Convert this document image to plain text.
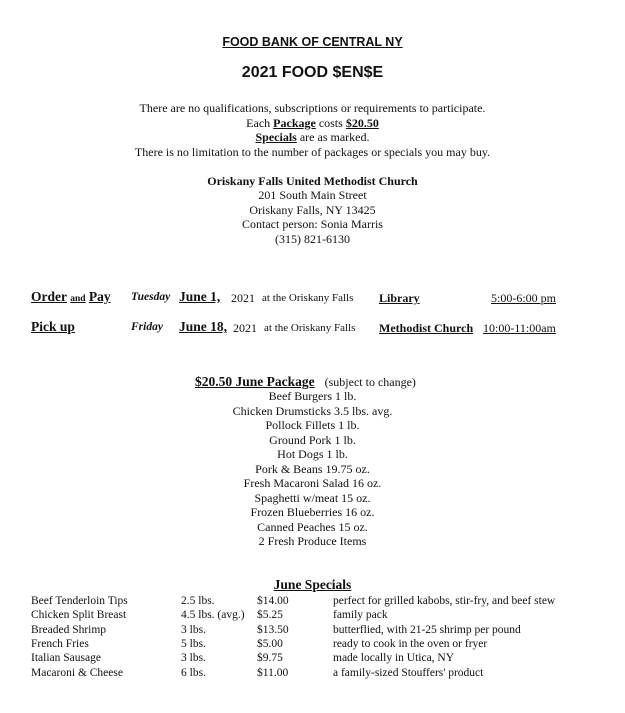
FOOD BANK OF CENTRAL NY
2021 FOOD $EN$E
There are no qualifications, subscriptions or requirements to participate.
Each Package costs $20.50
Specials are as marked.
There is no limitation to the number of packages or specials you may buy.
Oriskany Falls United Methodist Church
201 South Main Street
Oriskany Falls, NY 13425
Contact person: Sonia Marris
(315) 821-6130
Order and Pay Tuesday June 1, 2021 at the Oriskany Falls Library	5:00-6:00 pm
Pick up	Friday June 18, 2021 at the Oriskany Falls Methodist Church 10:00-11:00am
$20.50 June Package (subject to change)
Beef Burgers 1 lb.
Chicken Drumsticks 3.5 lbs. avg.
Pollock Fillets 1 lb.
Ground Pork 1 lb.
Hot Dogs 1 lb.
Pork & Beans 19.75 oz.
Fresh Macaroni Salad 16 oz.
Spaghetti w/meat 15 oz.
Frozen Blueberries 16 oz.
Canned Peaches 15 oz.
2 Fresh Produce Items
June Specials
Beef Tenderloin Tips	2.5 lbs.	$14.00	perfect for grilled kabobs, stir-fry, and beef stew
Chicken Split Breast	4.5 lbs. (avg.) $5.25	family pack
Breaded Shrimp	3 lbs.	$13.50	butterflied, with 21-25 shrimp per pound
French Fries	5 lbs.	$5.00	ready to cook in the oven or fryer
Italian Sausage	3 lbs.	$9.75	made locally in Utica, NY
Macaroni & Cheese	6 lbs.	$11.00	a family-sized Stouffers' product
